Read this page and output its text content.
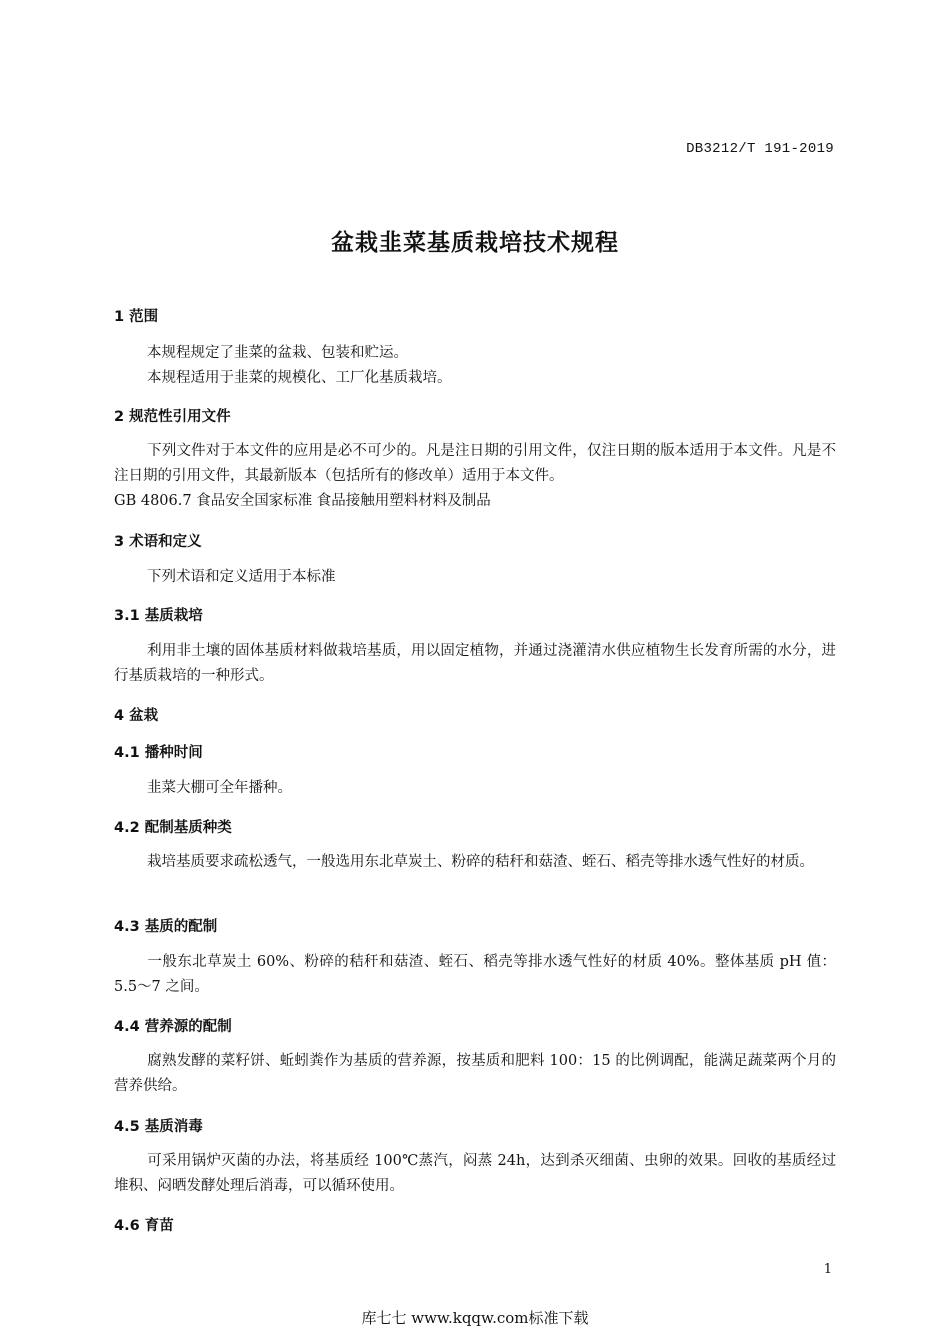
DB3212/T 191-2019
盆栽韭菜基质栽培技术规程
1 范围
本规程规定了韭菜的盆栽、包装和贮运。
本规程适用于韭菜的规模化、工厂化基质栽培。
2 规范性引用文件
下列文件对于本文件的应用是必不可少的。凡是注日期的引用文件，仅注日期的版本适用于本文件。凡是不注日期的引用文件，其最新版本（包括所有的修改单）适用于本文件。
GB 4806.7 食品安全国家标准 食品接触用塑料材料及制品
3 术语和定义
下列术语和定义适用于本标准
3.1 基质栽培
利用非土壤的固体基质材料做栽培基质，用以固定植物，并通过浇灌清水供应植物生长发育所需的水分，进行基质栽培的一种形式。
4 盆栽
4.1 播种时间
韭菜大棚可全年播种。
4.2 配制基质种类
栽培基质要求疏松透气，一般选用东北草炭土、粉碎的秸秆和菇渣、蛭石、稻壳等排水透气性好的材质。
4.3 基质的配制
一般东北草炭土 60%、粉碎的秸秆和菇渣、蛭石、稻壳等排水透气性好的材质 40%。整体基质 pH 值：5.5～7 之间。
4.4 营养源的配制
腐熟发酵的菜籽饼、蚯蚓粪作为基质的营养源，按基质和肥料 100：15 的比例调配，能满足蔬菜两个月的营养供给。
4.5 基质消毒
可采用锅炉灭菌的办法，将基质经 100℃蒸汽，闷蒸 24h，达到杀灭细菌、虫卵的效果。回收的基质经过堆积、闷晒发酵处理后消毒，可以循环使用。
4.6 育苗
1
库七七 www.kqqw.com标准下载
